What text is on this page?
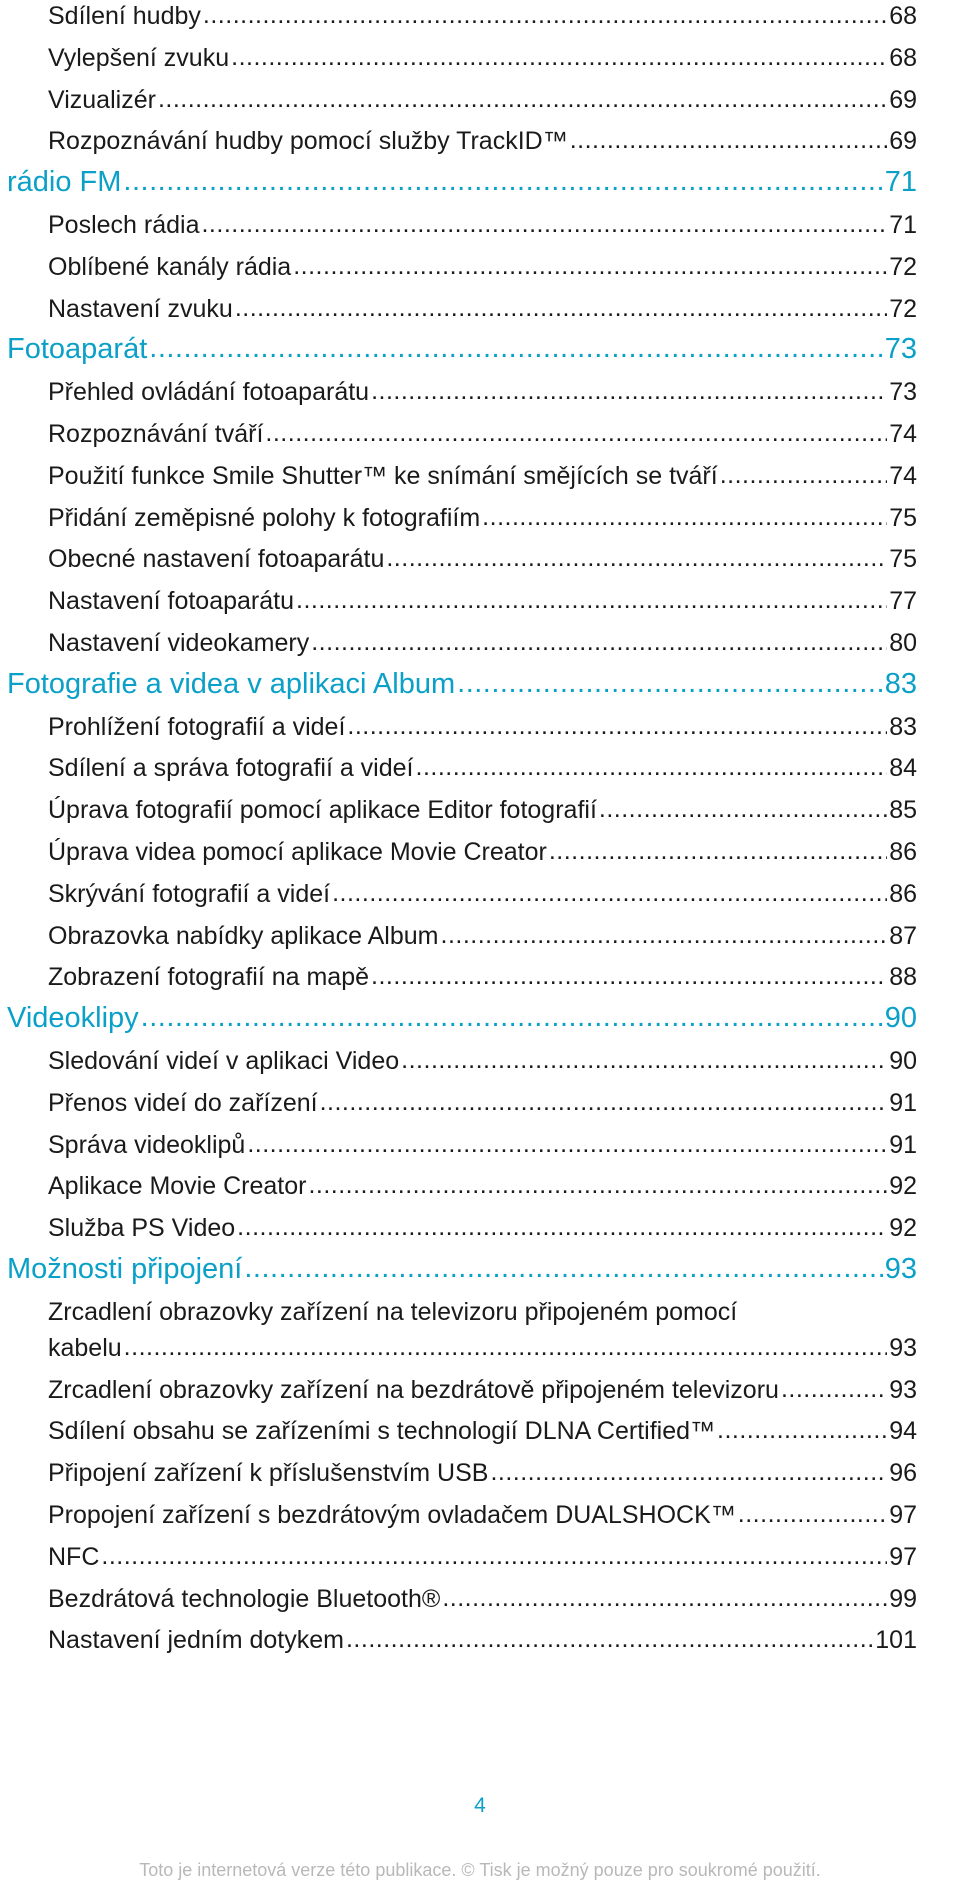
Sdílení hudby .....	68
Vylepšení zvuku .....	68
Vizualizér .....	69
Rozpoznávání hudby pomocí služby TrackID™ .....	69
rádio FM .....	71
Poslech rádia .....	71
Oblíbené kanály rádia .....	72
Nastavení zvuku .....	72
Fotoaparát .....	73
Přehled ovládání fotoaparátu .....	73
Rozpoznávání tváří .....	74
Použití funkce Smile Shutter™ ke snímání smějících se tváří .....	74
Přidání zeměpisné polohy k fotografiím .....	75
Obecné nastavení fotoaparátu .....	75
Nastavení fotoaparátu .....	77
Nastavení videokamery .....	80
Fotografie a videa v aplikaci Album .....	83
Prohlížení fotografií a videí .....	83
Sdílení a správa fotografií a videí .....	84
Úprava fotografií pomocí aplikace Editor fotografií .....	85
Úprava videa pomocí aplikace Movie Creator .....	86
Skrývání fotografií a videí .....	86
Obrazovka nabídky aplikace Album .....	87
Zobrazení fotografií na mapě .....	88
Videoklipy .....	90
Sledování videí v aplikaci Video .....	90
Přenos videí do zařízení .....	91
Správa videoklipů .....	91
Aplikace Movie Creator .....	92
Služba PS Video .....	92
Možnosti připojení .....	93
Zrcadlení obrazovky zařízení na televizoru připojeném pomocí
kabelu .....	93
Zrcadlení obrazovky zařízení na bezdrátově připojeném televizoru .....	93
Sdílení obsahu se zařízeními s technologií DLNA Certified™ .....	94
Připojení zařízení k příslušenstvím USB .....	96
Propojení zařízení s bezdrátovým ovladačem DUALSHOCK™ .....	97
NFC .....	97
Bezdrátová technologie Bluetooth® .....	99
Nastavení jedním dotykem .....	101
4
Toto je internetová verze této publikace. © Tisk je možný pouze pro soukromé použití.
